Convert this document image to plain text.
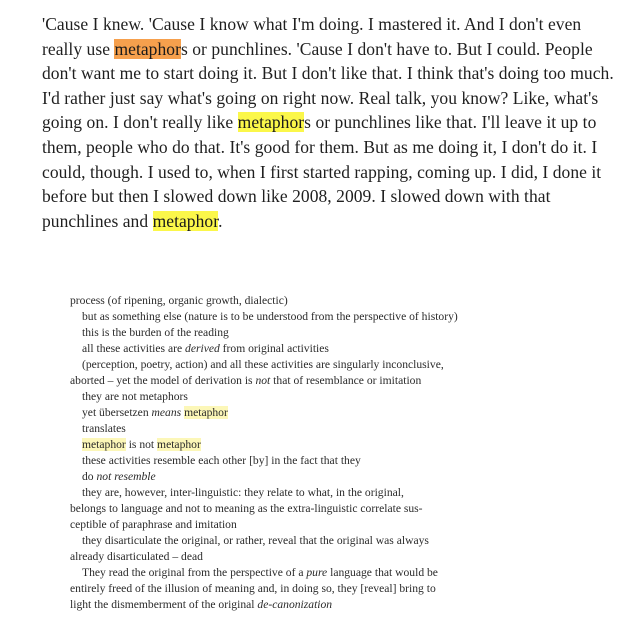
'Cause I knew. 'Cause I know what I'm doing. I mastered it. And I don't even really use metaphors or punchlines. 'Cause I don't have to. But I could. People don't want me to start doing it. But I don't like that. I think that's doing too much. I'd rather just say what's going on right now. Real talk, you know? Like, what's going on. I don't really like metaphors or punchlines like that. I'll leave it up to them, people who do that. It's good for them. But as me doing it, I don't do it. I could, though. I used to, when I first started rapping, coming up. I did, I done it before but then I slowed down like 2008, 2009. I slowed down with that punchlines and metaphor.
process (of ripening, organic growth, dialectic)
but as something else (nature is to be understood from the perspective of history)
this is the burden of the reading
all these activities are derived from original activities
(perception, poetry, action) and all these activities are singularly inconclusive,
aborted – yet the model of derivation is not that of resemblance or imitation
they are not metaphors
yet übersetzen means metaphor
translates
metaphor is not metaphor
these activities resemble each other [by] in the fact that they
do not resemble
they are, however, inter-linguistic: they relate to what, in the original,
belongs to language and not to meaning as the extra-linguistic correlate sus-
ceptible of paraphrase and imitation
they disarticulate the original, or rather, reveal that the original was always
already disarticulated – dead
They read the original from the perspective of a pure language that would be
entirely freed of the illusion of meaning and, in doing so, they [reveal] bring to
light the dismemberment of the original de-canonization
